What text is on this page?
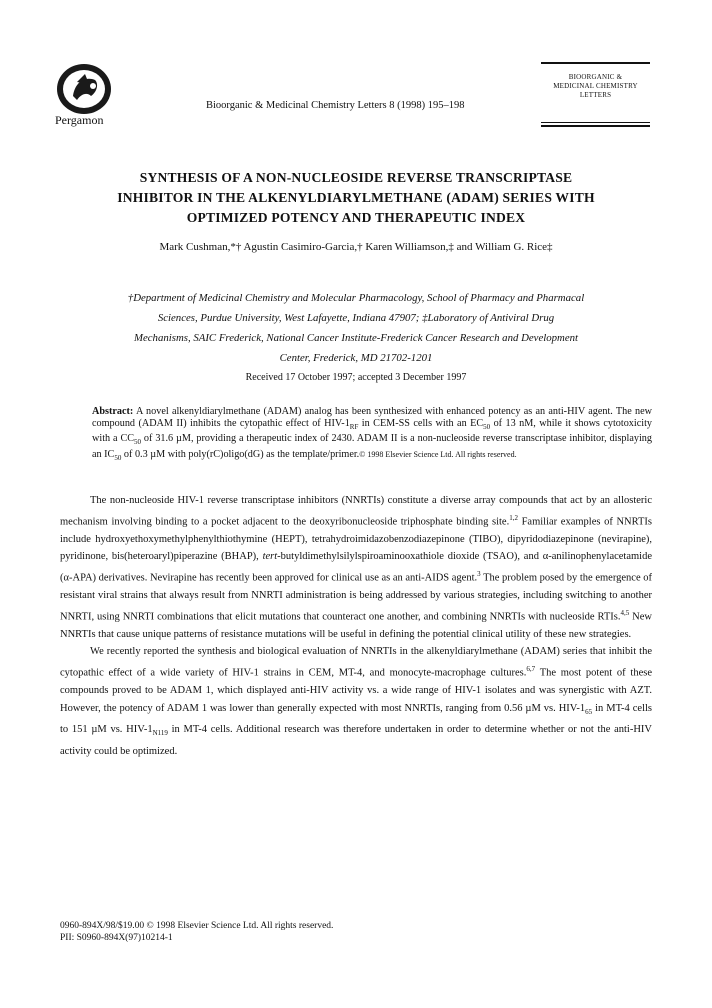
Pergamon
Bioorganic & Medicinal Chemistry Letters 8 (1998) 195–198
BIOORGANIC &
MEDICINAL CHEMISTRY
LETTERS
SYNTHESIS OF A NON-NUCLEOSIDE REVERSE TRANSCRIPTASE
INHIBITOR IN THE ALKENYLDIARYLMETHANE (ADAM) SERIES WITH
OPTIMIZED POTENCY AND THERAPEUTIC INDEX
Mark Cushman,*† Agustin Casimiro-Garcia,† Karen Williamson,‡ and William G. Rice‡
†Department of Medicinal Chemistry and Molecular Pharmacology, School of Pharmacy and Pharmacal
Sciences, Purdue University, West Lafayette, Indiana 47907; ‡Laboratory of Antiviral Drug
Mechanisms, SAIC Frederick, National Cancer Institute-Frederick Cancer Research and Development
Center, Frederick, MD 21702-1201
Received 17 October 1997; accepted 3 December 1997
Abstract: A novel alkenyldiarylmethane (ADAM) analog has been synthesized with enhanced potency as an anti-HIV agent. The new compound (ADAM II) inhibits the cytopathic effect of HIV-$1_{RF}$ in CEM-SS cells with an $EC_{50}$ of 13 nM, while it shows cytotoxicity with a $CC_{50}$ of 31.6 µM, providing a therapeutic index of 2430. ADAM II is a non-nucleoside reverse transcriptase inhibitor, displaying an $IC_{50}$ of 0.3 µM with poly(rC)oligo(dG) as the template/primer.© 1998 Elsevier Science Ltd. All rights reserved.

The non-nucleoside HIV-1 reverse transcriptase inhibitors (NNRTIs) constitute a diverse array compounds that act by an allosteric mechanism involving binding to a pocket adjacent to the deoxyribonucleoside triphosphate binding site.$^{1,2}$ Familiar examples of NNRTIs include hydroxyethoxymethylphenylthiothymine (HEPT), tetrahydroimidazobenzodiazepinone (TIBO), dipyridodiazepinone (nevirapine), pyridinone, bis(heteroaryl)piperazine (BHAP), tert-butyldimethylsilylspiroaminooxathiole dioxide (TSAO), and α-anilinophenylacetamide (α-APA) derivatives. Nevirapine has recently been approved for clinical use as an anti-AIDS agent.$^3$ The problem posed by the emergence of resistant viral strains that always result from NNRTI administration is being addressed by various strategies, including switching to another NNRTI, using NNRTI combinations that elicit mutations that counteract one another, and combining NNRTIs with nucleoside RTIs.$^{4,5}$ New NNRTIs that cause unique patterns of resistance mutations will be useful in defining the potential clinical utility of these new strategies.

We recently reported the synthesis and biological evaluation of NNRTIs in the alkenyldiarylmethane (ADAM) series that inhibit the cytopathic effect of a wide variety of HIV-1 strains in CEM, MT-4, and monocyte-macrophage cultures.$^{6,7}$ The most potent of these compounds proved to be ADAM 1, which displayed anti-HIV activity vs. a wide range of HIV-1 isolates and was synergistic with AZT. However, the potency of ADAM 1 was lower than generally expected with most NNRTIs, ranging from 0.56 µM vs. HIV-$1_{65}$ in MT-4 cells to 151 µM vs. HIV-$1_{N119}$ in MT-4 cells. Additional research was therefore undertaken in order to determine whether or not the anti-HIV activity could be optimized.

0960-894X/98/$19.00 © 1998 Elsevier Science Ltd. All rights reserved.
PII: S0960-894X(97)10214-1
